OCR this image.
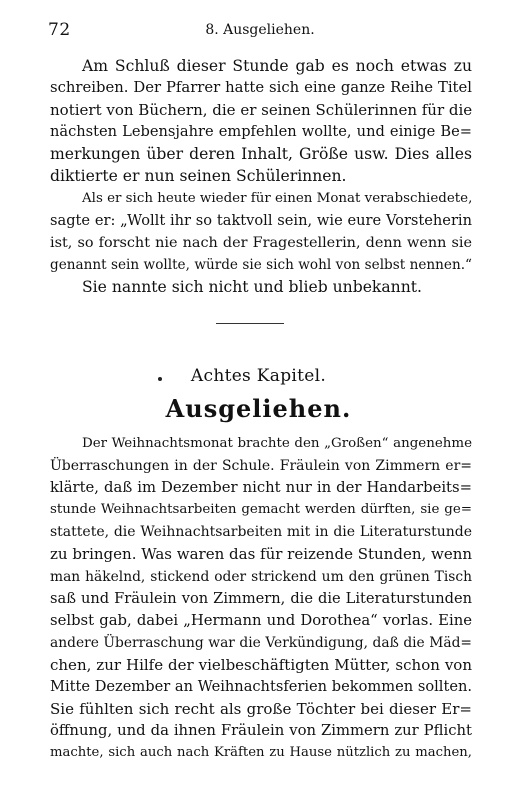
72	8. Ausgeliehen.
Am Schluß dieser Stunde gab es noch etwas zu
schreiben. Der Pfarrer hatte sich eine ganze Reihe Titel
notiert von Büchern, die er seinen Schülerinnen für die
nächsten Lebensjahre empfehlen wollte, und einige Be=
merkungen über deren Inhalt, Größe usw. Dies alles
diktierte er nun seinen Schülerinnen.
Als er sich heute wieder für einen Monat verabschiedete,
sagte er: „Wollt ihr so taktvoll sein, wie eure Vorsteherin
ist, so forscht nie nach der Fragestellerin, denn wenn sie
genannt sein wollte, würde sie sich wohl von selbst nennen.“
Sie nannte sich nicht und blieb unbekannt.
Achtes Kapitel.
Ausgeliehen.
Der Weihnachtsmonat brachte den „Großen“ angenehme
Überraschungen in der Schule. Fräulein von Zimmern er=
klärte, daß im Dezember nicht nur in der Handarbeits=
stunde Weihnachtsarbeiten gemacht werden dürften, sie ge=
stattete, die Weihnachtsarbeiten mit in die Literaturstunde
zu bringen. Was waren das für reizende Stunden, wenn
man häkelnd, stickend oder strickend um den grünen Tisch
saß und Fräulein von Zimmern, die die Literaturstunden
selbst gab, dabei „Hermann und Dorothea“ vorlas. Eine
andere Überraschung war die Verkündigung, daß die Mäd=
chen, zur Hilfe der vielbeschäftigten Mütter, schon von
Mitte Dezember an Weihnachtsferien bekommen sollten.
Sie fühlten sich recht als große Töchter bei dieser Er=
öffnung, und da ihnen Fräulein von Zimmern zur Pflicht
machte, sich auch nach Kräften zu Hause nützlich zu machen,
